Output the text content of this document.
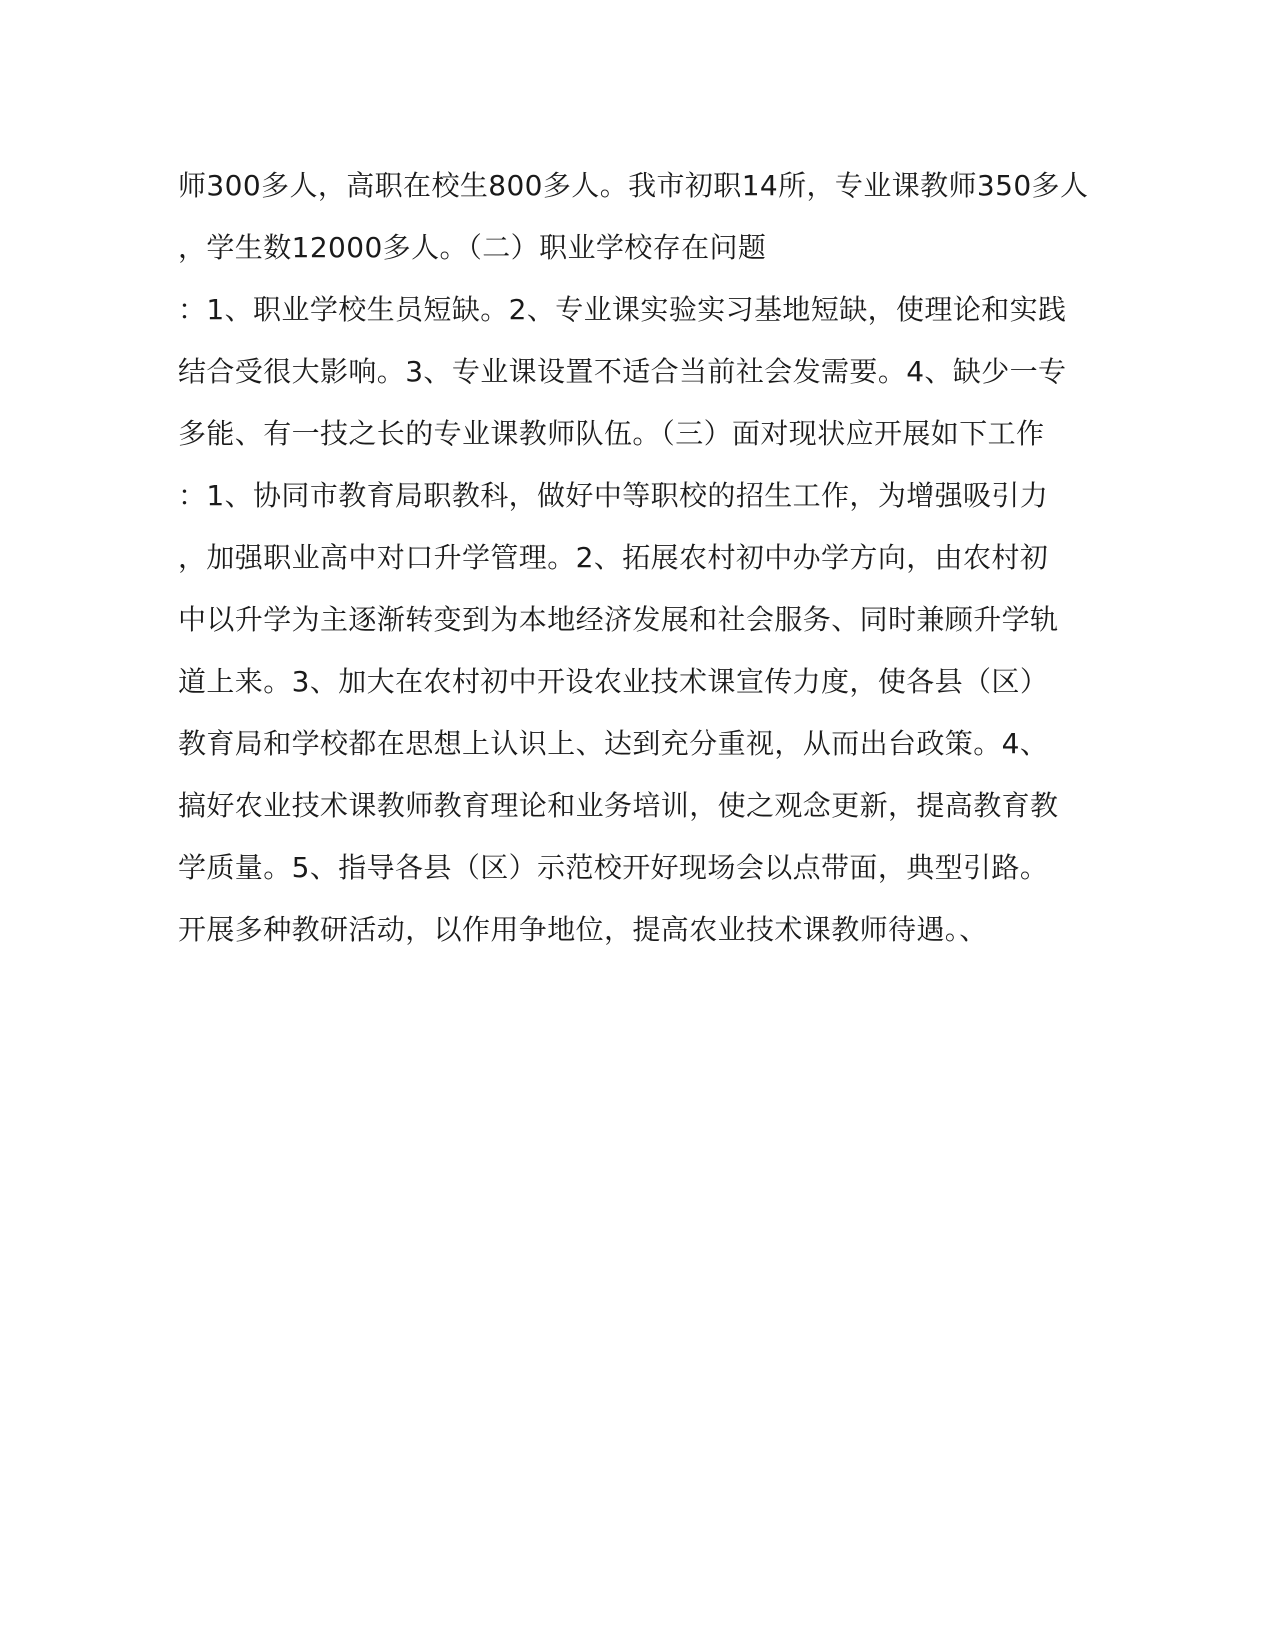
师300多人，高职在校生800多人。我市初职14所，专业课教师350多人
，学生数12000多人。（二）职业学校存在问题
：1、职业学校生员短缺。2、专业课实验实习基地短缺，使理论和实践
结合受很大影响。3、专业课设置不适合当前社会发需要。4、缺少一专
多能、有一技之长的专业课教师队伍。（三）面对现状应开展如下工作
：1、协同市教育局职教科，做好中等职校的招生工作，为增强吸引力
，加强职业高中对口升学管理。2、拓展农村初中办学方向，由农村初
中以升学为主逐渐转变到为本地经济发展和社会服务、同时兼顾升学轨
道上来。3、加大在农村初中开设农业技术课宣传力度，使各县（区）
教育局和学校都在思想上认识上、达到充分重视，从而出台政策。4、
搞好农业技术课教师教育理论和业务培训，使之观念更新，提高教育教
学质量。5、指导各县（区）示范校开好现场会以点带面，典型引路。
开展多种教研活动，以作用争地位，提高农业技术课教师待遇。、
